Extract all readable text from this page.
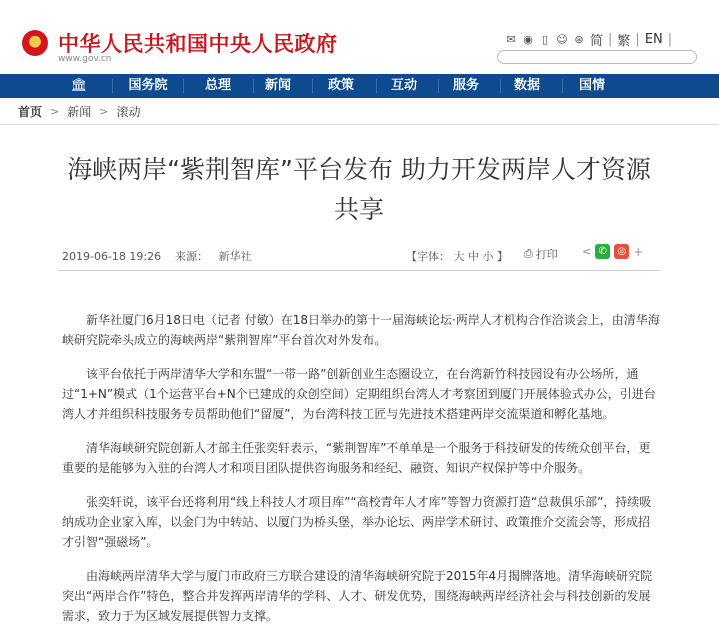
中华人民共和国中央人民政府
www.gov.cn
✉ ◉ ▯ ☺ ⊛ 简 | 繁 | EN |
🏛	国务院	总理	新闻	政策	互动	服务	数据	国情
首页 > 新闻 > 滚动
海峡两岸“紫荆智库”平台发布 助力开发两岸人才资源共享
2019-06-18 19:26 来源： 新华社	【字体： 大 中 小 】 ⎙ 打印 < ✆	◎ +

新华社厦门6月18日电（记者 付敏）在18日举办的第十一届海峡论坛·两岸人才机构合作洽谈会上，由清华海峡研究院牵头成立的海峡两岸“紫荆智库”平台首次对外发布。

该平台依托于两岸清华大学和东盟“一带一路”创新创业生态圈设立，在台湾新竹科技园设有办公场所，通过“1+N”模式（1个运营平台+N个已建成的众创空间）定期组织台湾人才考察团到厦门开展体验式办公，引进台湾人才并组织科技服务专员帮助他们“留厦”，为台湾科技工匠与先进技术搭建两岸交流渠道和孵化基地。

清华海峡研究院创新人才部主任张奕轩表示，“紫荆智库”不单单是一个服务于科技研发的传统众创平台，更重要的是能够为入驻的台湾人才和项目团队提供咨询服务和经纪、融资、知识产权保护等中介服务。

张奕轩说，该平台还将利用“线上科技人才项目库”“高校青年人才库”等智力资源打造“总裁俱乐部”，持续吸纳成功企业家入库，以金门为中转站、以厦门为桥头堡，举办论坛、两岸学术研讨、政策推介交流会等，形成招才引智“强磁场”。

由海峡两岸清华大学与厦门市政府三方联合建设的清华海峡研究院于2015年4月揭牌落地。清华海峡研究院突出“两岸合作”特色，整合并发挥两岸清华的学科、人才、研发优势，围绕海峡两岸经济社会与科技创新的发展需求，致力于为区域发展提供智力支撑。
